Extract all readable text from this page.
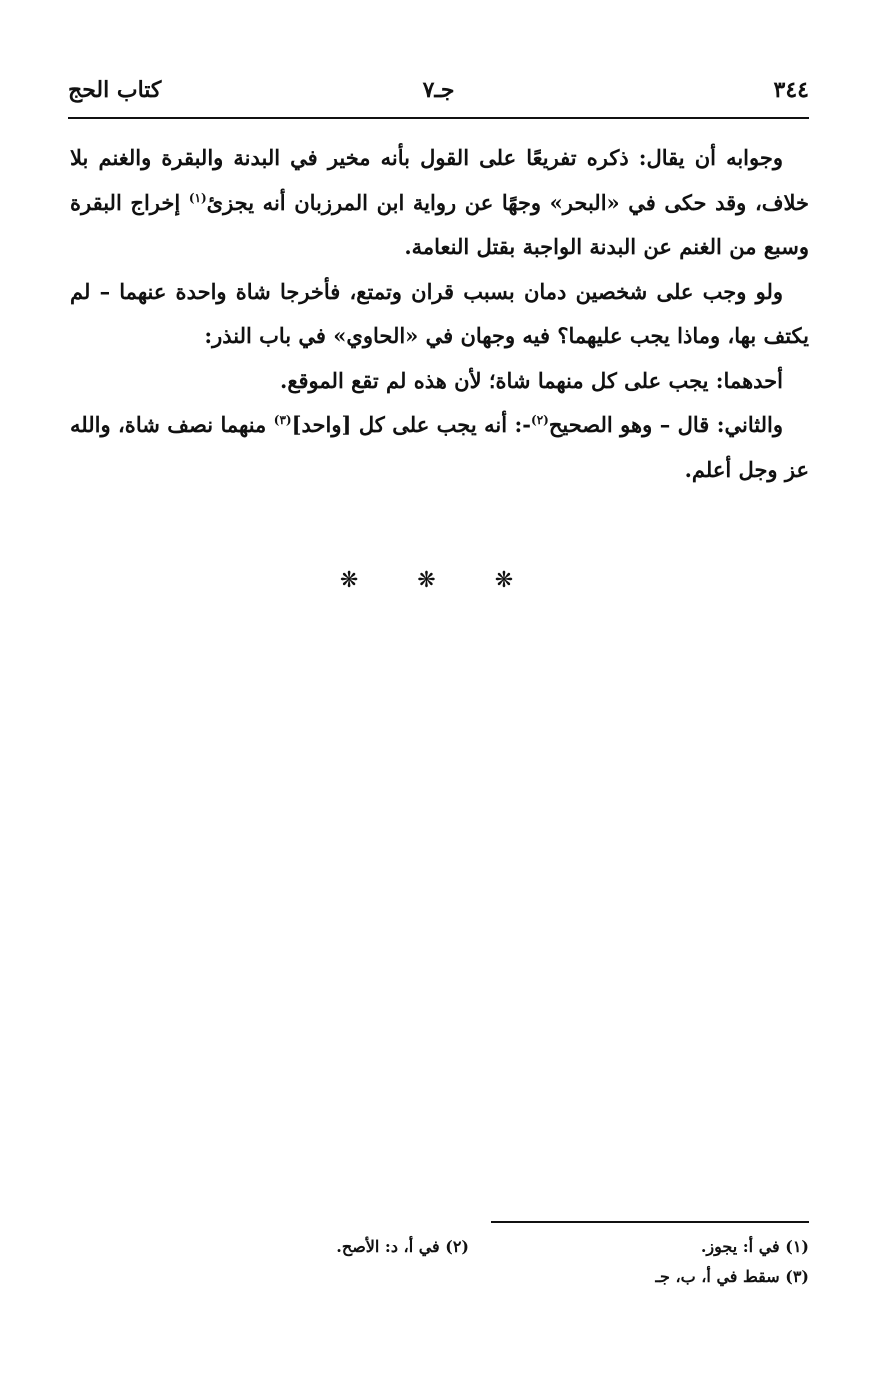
٣٤٤
جـ٧
كتاب الحج

وجوابه أن يقال: ذكره تفريعًا على القول بأنه مخير في البدنة والبقرة والغنم بلا خلاف، وقد حكى في «البحر» وجهًا عن رواية ابن المرزبان أنه يجزئ$^{(١)}$ إخراج البقرة وسبع من الغنم عن البدنة الواجبة بقتل النعامة.

ولو وجب على شخصين دمان بسبب قران وتمتع، فأخرجا شاة واحدة عنهما – لم يكتف بها، وماذا يجب عليهما؟ فيه وجهان في «الحاوي» في باب النذر:

أحدهما: يجب على كل منهما شاة؛ لأن هذه لم تقع الموقع.

والثاني: قال – وهو الصحيح$^{(٢)}$-: أنه يجب على كل [واحد]$^{(٣)}$ منهما نصف شاة، والله عز وجل أعلم.

❋ ❋ ❋
(١) في أ: يجوز.
(٢) في أ، د: الأصح.
(٣) سقط في أ، ب، جـ
